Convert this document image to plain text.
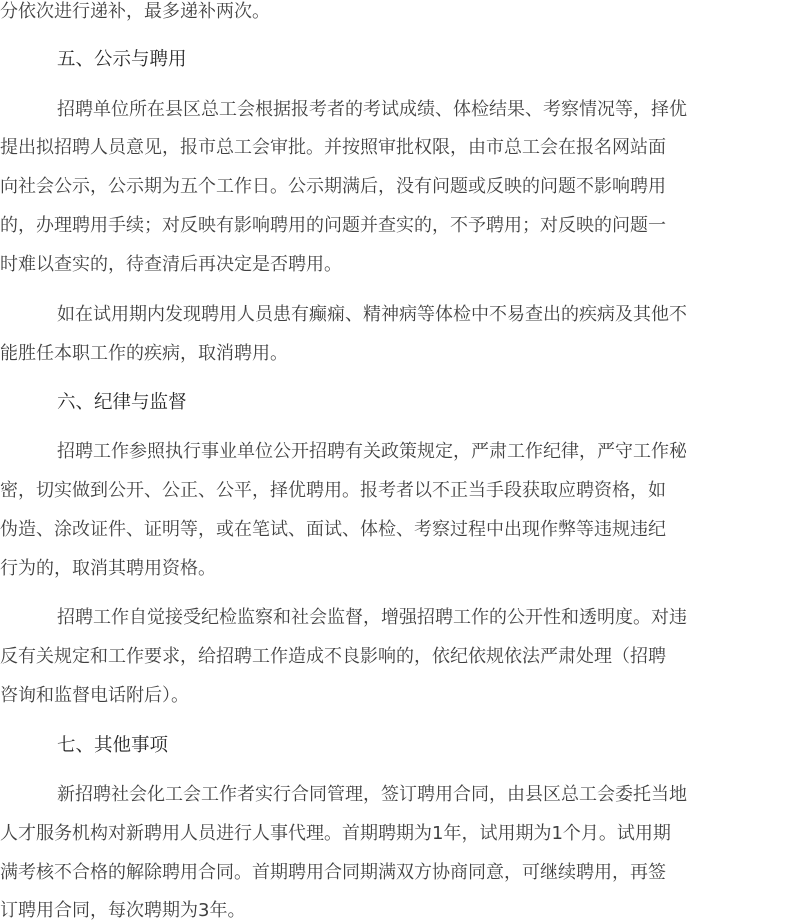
分依次进行递补，最多递补两次。
五、公示与聘用
招聘单位所在县区总工会根据报考者的考试成绩、体检结果、考察情况等，择优
提出拟招聘人员意见，报市总工会审批。并按照审批权限，由市总工会在报名网站面
向社会公示，公示期为五个工作日。公示期满后，没有问题或反映的问题不影响聘用
的，办理聘用手续；对反映有影响聘用的问题并查实的，不予聘用；对反映的问题一
时难以查实的，待查清后再决定是否聘用。
如在试用期内发现聘用人员患有癫痫、精神病等体检中不易查出的疾病及其他不
能胜任本职工作的疾病，取消聘用。
六、纪律与监督
招聘工作参照执行事业单位公开招聘有关政策规定，严肃工作纪律，严守工作秘
密，切实做到公开、公正、公平，择优聘用。报考者以不正当手段获取应聘资格，如
伪造、涂改证件、证明等，或在笔试、面试、体检、考察过程中出现作弊等违规违纪
行为的，取消其聘用资格。
招聘工作自觉接受纪检监察和社会监督，增强招聘工作的公开性和透明度。对违
反有关规定和工作要求，给招聘工作造成不良影响的，依纪依规依法严肃处理（招聘
咨询和监督电话附后）。
七、其他事项
新招聘社会化工会工作者实行合同管理，签订聘用合同，由县区总工会委托当地
人才服务机构对新聘用人员进行人事代理。首期聘期为1年，试用期为1个月。试用期
满考核不合格的解除聘用合同。首期聘用合同期满双方协商同意，可继续聘用，再签
订聘用合同，每次聘期为3年。
